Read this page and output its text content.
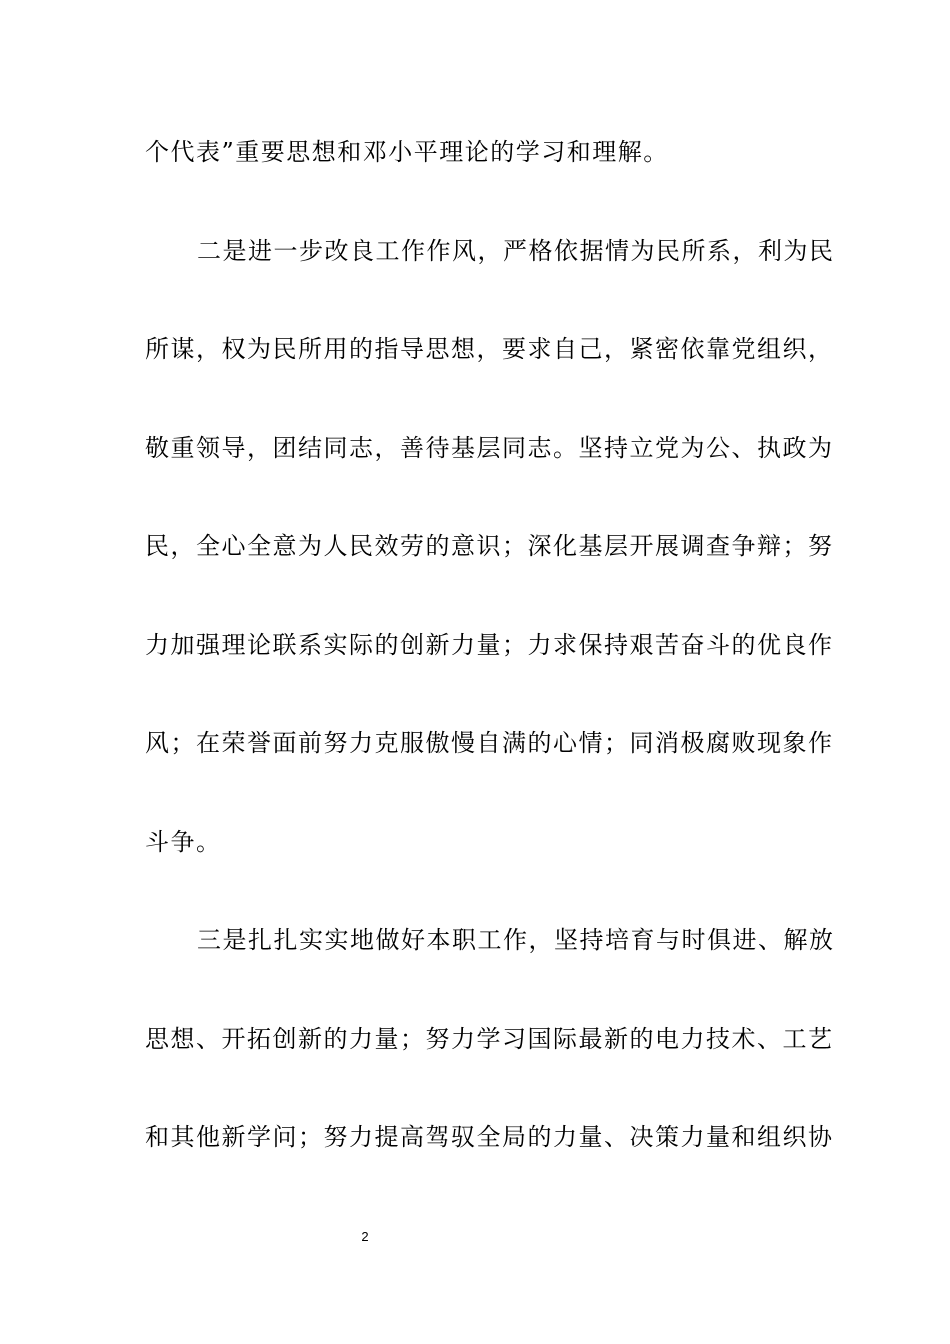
个代表”重要思想和邓小平理论的学习和理解。
二是进一步改良工作作风，严格依据情为民所系，利为民
所谋，权为民所用的指导思想，要求自己，紧密依靠党组织，
敬重领导，团结同志，善待基层同志。坚持立党为公、执政为
民，全心全意为人民效劳的意识；深化基层开展调查争辩；努
力加强理论联系实际的创新力量；力求保持艰苦奋斗的优良作
风；在荣誉面前努力克服傲慢自满的心情；同消极腐败现象作
斗争。
三是扎扎实实地做好本职工作，坚持培育与时俱进、解放
思想、开拓创新的力量；努力学习国际最新的电力技术、工艺
和其他新学问；努力提高驾驭全局的力量、决策力量和组织协
2
